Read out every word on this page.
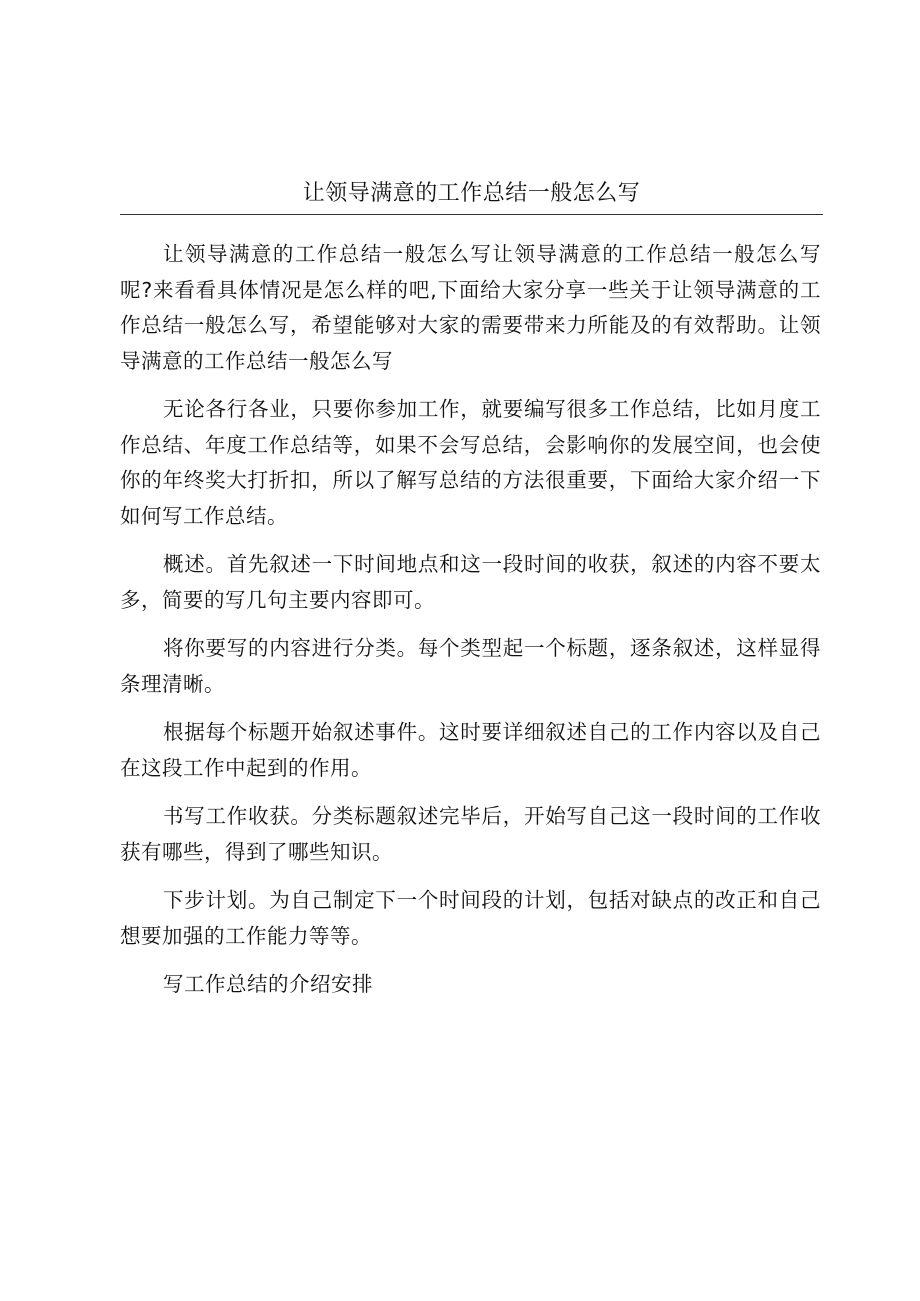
让领导满意的工作总结一般怎么写

让领导满意的工作总结一般怎么写让领导满意的工作总结一般怎么写呢?来看看具体情况是怎么样的吧,下面给大家分享一些关于让领导满意的工作总结一般怎么写，希望能够对大家的需要带来力所能及的有效帮助。让领导满意的工作总结一般怎么写

无论各行各业，只要你参加工作，就要编写很多工作总结，比如月度工作总结、年度工作总结等，如果不会写总结，会影响你的发展空间，也会使你的年终奖大打折扣，所以了解写总结的方法很重要，下面给大家介绍一下如何写工作总结。

概述。首先叙述一下时间地点和这一段时间的收获，叙述的内容不要太多，简要的写几句主要内容即可。

将你要写的内容进行分类。每个类型起一个标题，逐条叙述，这样显得条理清晰。

根据每个标题开始叙述事件。这时要详细叙述自己的工作内容以及自己在这段工作中起到的作用。

书写工作收获。分类标题叙述完毕后，开始写自己这一段时间的工作收获有哪些，得到了哪些知识。

下步计划。为自己制定下一个时间段的计划，包括对缺点的改正和自己想要加强的工作能力等等。

写工作总结的介绍安排
